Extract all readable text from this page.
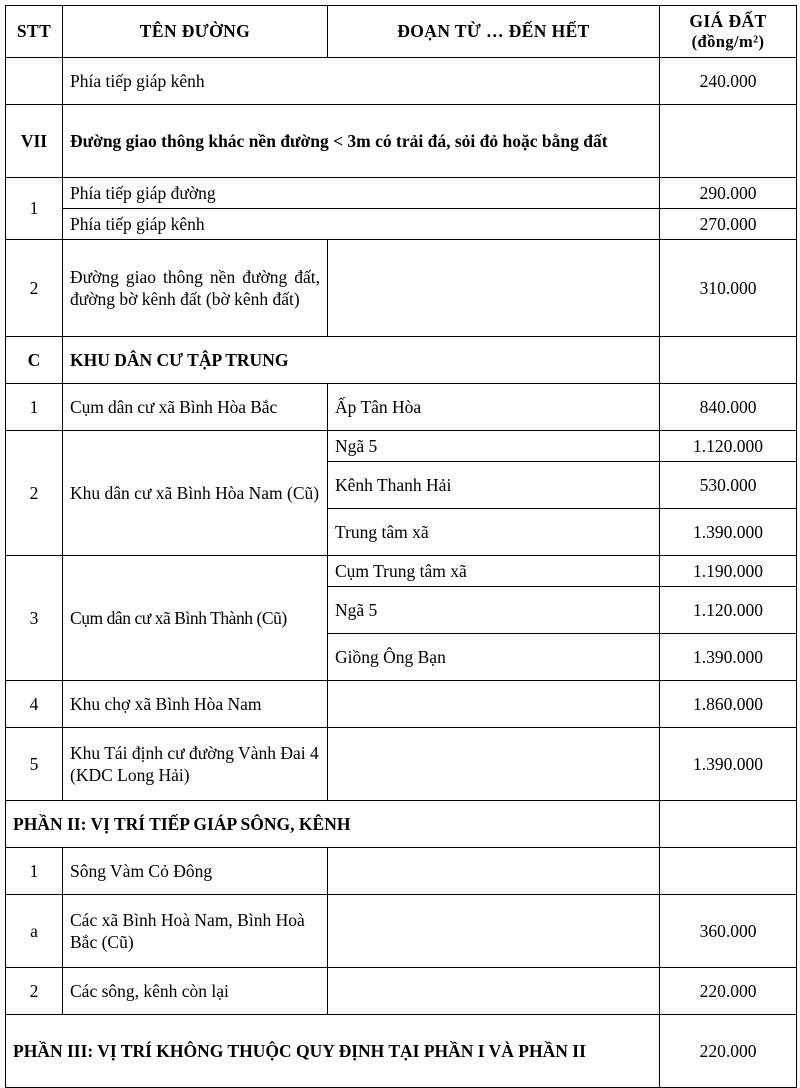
STT	TÊN ĐƯỜNG	ĐOẠN TỪ … ĐẾN HẾT	GIÁ ĐẤT
(đồng/m²)

	Phía tiếp giáp kênh		240.000
VII	Đường giao thông khác nền đường < 3m có trải đá, sỏi đỏ hoặc bằng đất		
1	Phía tiếp giáp đường		290.000
	Phía tiếp giáp kênh		270.000
2	Đường giao thông nền đường đất, đường bờ kênh đất (bờ kênh đất)		310.000
C	KHU DÂN CƯ TẬP TRUNG		
1	Cụm dân cư xã Bình Hòa Bắc	Ấp Tân Hòa	840.000
2	Khu dân cư xã Bình Hòa Nam (Cũ)	Ngã 5	1.120.000
		Kênh Thanh Hải	530.000
		Trung tâm xã	1.390.000
3	Cụm dân cư xã Bình Thành (Cũ)	Cụm Trung tâm xã	1.190.000
		Ngã 5	1.120.000
		Giồng Ông Bạn	1.390.000
4	Khu chợ xã Bình Hòa Nam		1.860.000
5	Khu Tái định cư đường Vành Đai 4 (KDC Long Hải)		1.390.000
PHẦN II: VỊ TRÍ TIẾP GIÁP SÔNG, KÊNH			
1	Sông Vàm Cỏ Đông		
a	Các xã Bình Hoà Nam, Bình Hoà Bắc (Cũ)		360.000
2	Các sông, kênh còn lại		220.000
PHẦN III: VỊ TRÍ KHÔNG THUỘC QUY ĐỊNH TẠI PHẦN I VÀ PHẦN II			220.000
